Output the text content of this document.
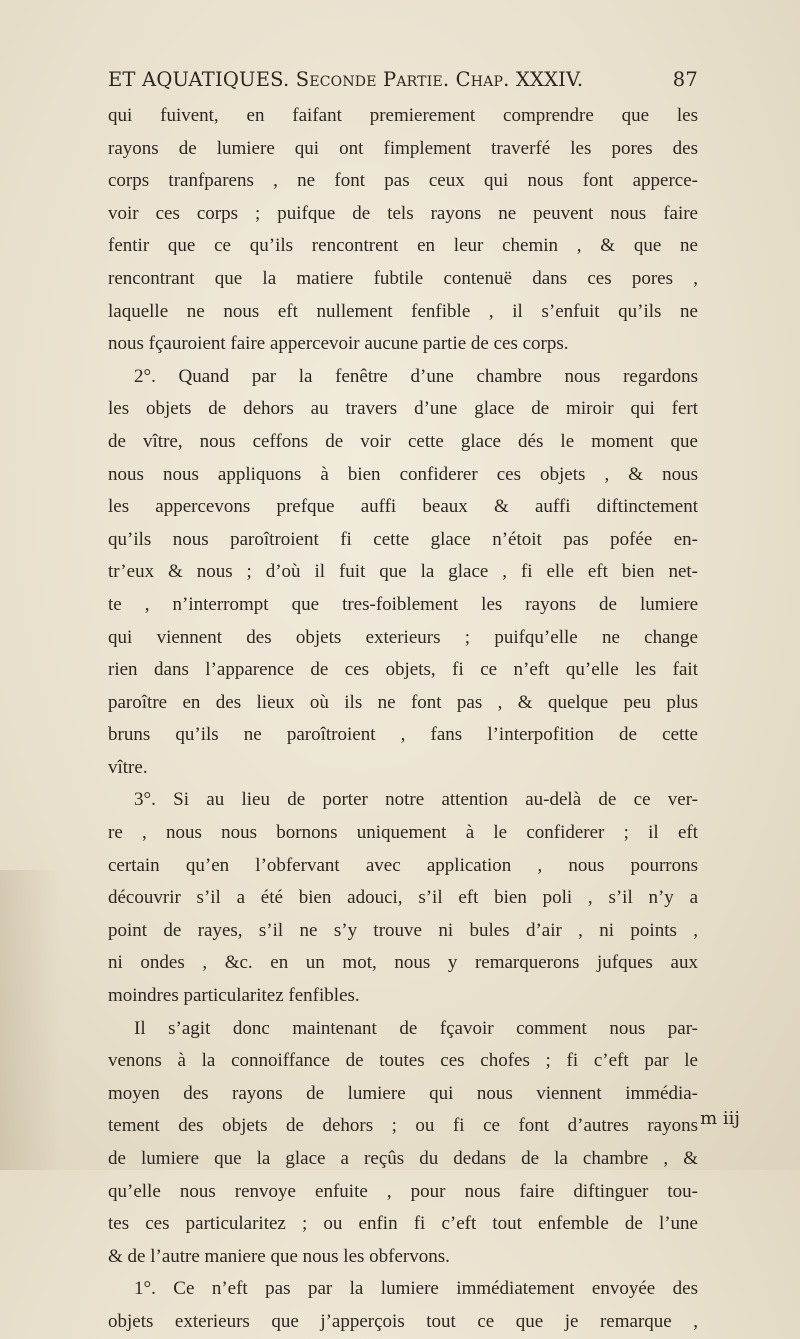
ET AQUATIQUES. Seconde Partie. Chap. XXXIV.	87
qui fuivent, en faifant premierement comprendre que les
rayons de lumiere qui ont fimplement traverfé les pores des
corps tranfparens , ne font pas ceux qui nous font apperce-
voir ces corps ; puifque de tels rayons ne peuvent nous faire
fentir que ce qu’ils rencontrent en leur chemin , & que ne
rencontrant que la matiere fubtile contenuë dans ces pores ,
laquelle ne nous eft nullement fenfible , il s’enfuit qu’ils ne
nous fçauroient faire appercevoir aucune partie de ces corps.
2°. Quand par la fenêtre d’une chambre nous regardons
les objets de dehors au travers d’une glace de miroir qui fert
de vître, nous ceffons de voir cette glace dés le moment que
nous nous appliquons à bien confiderer ces objets , & nous
les appercevons prefque auffi beaux & auffi diftinctement
qu’ils nous paroîtroient fi cette glace n’étoit pas pofée en-
tr’eux & nous ; d’où il fuit que la glace , fi elle eft bien net-
te , n’interrompt que tres-foiblement les rayons de lumiere
qui viennent des objets exterieurs ; puifqu’elle ne change
rien dans l’apparence de ces objets, fi ce n’eft qu’elle les fait
paroître en des lieux où ils ne font pas , & quelque peu plus
bruns qu’ils ne paroîtroient , fans l’interpofition de cette
vître.
3°. Si au lieu de porter notre attention au-delà de ce ver-
re , nous nous bornons uniquement à le confiderer ; il eft
certain qu’en l’obfervant avec application , nous pourrons
découvrir s’il a été bien adouci, s’il eft bien poli , s’il n’y a
point de rayes, s’il ne s’y trouve ni bules d’air , ni points ,
ni ondes , &c. en un mot, nous y remarquerons jufques aux
moindres particularitez fenfibles.
Il s’agit donc maintenant de fçavoir comment nous par-
venons à la connoiffance de toutes ces chofes ; fi c’eft par le
moyen des rayons de lumiere qui nous viennent immédia-
tement des objets de dehors ; ou fi ce font d’autres rayons
de lumiere que la glace a reçûs du dedans de la chambre , &
qu’elle nous renvoye enfuite , pour nous faire diftinguer tou-
tes ces particularitez ; ou enfin fi c’eft tout enfemble de l’une
& de l’autre maniere que nous les obfervons.
1°. Ce n’eft pas par la lumiere immédiatement envoyée des
objets exterieurs que j’apperçois tout ce que je remarque ,
m iij
